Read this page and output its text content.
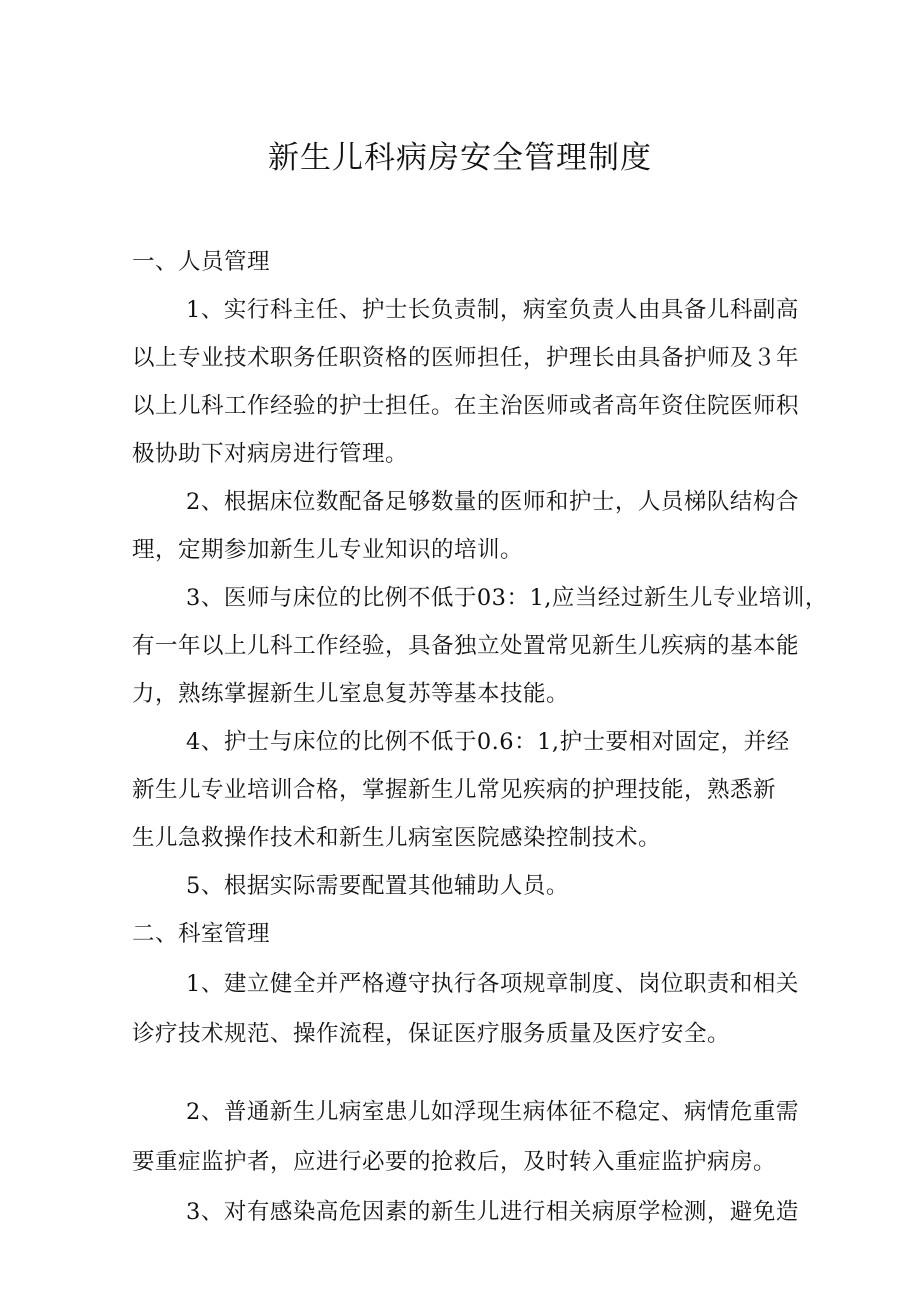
新生儿科病房安全管理制度
一、人员管理
1、实行科主任、护士长负责制，病室负责人由具备儿科副高
以上专业技术职务任职资格的医师担任，护理长由具备护师及３年
以上儿科工作经验的护士担任。在主治医师或者高年资住院医师积
极协助下对病房进行管理。
2、根据床位数配备足够数量的医师和护士，人员梯队结构合
理，定期参加新生儿专业知识的培训。
3、医师与床位的比例不低于03：1,应当经过新生儿专业培训，
有一年以上儿科工作经验，具备独立处置常见新生儿疾病的基本能
力，熟练掌握新生儿室息复苏等基本技能。
4、护士与床位的比例不低于0.6：1,护士要相对固定，并经
新生儿专业培训合格，掌握新生儿常见疾病的护理技能，熟悉新
生儿急救操作技术和新生儿病室医院感染控制技术。
5、根据实际需要配置其他辅助人员。
二、科室管理
1、建立健全并严格遵守执行各项规章制度、岗位职责和相关
诊疗技术规范、操作流程，保证医疗服务质量及医疗安全。
2、普通新生儿病室患儿如浮现生病体征不稳定、病情危重需
要重症监护者，应进行必要的抢救后，及时转入重症监护病房。
3、对有感染高危因素的新生儿进行相关病原学检测，避免造
